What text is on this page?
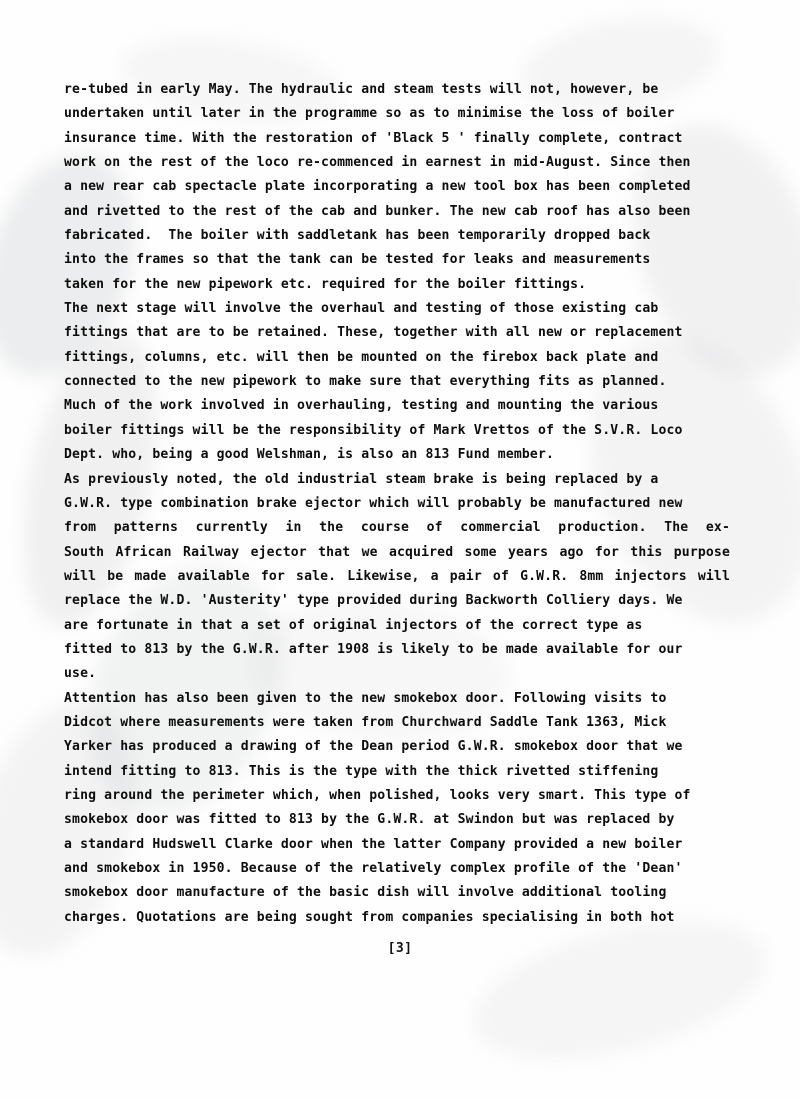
re-tubed in early May. The hydraulic and steam tests will not, however, be
undertaken until later in the programme so as to minimise the loss of boiler
insurance time. With the restoration of 'Black 5 ' finally complete, contract
work on the rest of the loco re-commenced in earnest in mid-August. Since then
a new rear cab spectacle plate incorporating a new tool box has been completed
and rivetted to the rest of the cab and bunker. The new cab roof has also been
fabricated.  The boiler with saddletank has been temporarily dropped back
into the frames so that the tank can be tested for leaks and measurements
taken for the new pipework etc. required for the boiler fittings.
The next stage will involve the overhaul and testing of those existing cab
fittings that are to be retained. These, together with all new or replacement
fittings, columns, etc. will then be mounted on the firebox back plate and
connected to the new pipework to make sure that everything fits as planned.
Much of the work involved in overhauling, testing and mounting the various
boiler fittings will be the responsibility of Mark Vrettos of the S.V.R. Loco
Dept. who, being a good Welshman, is also an 813 Fund member.
As previously noted, the old industrial steam brake is being replaced by a
G.W.R. type combination brake ejector which will probably be manufactured new
from patterns currently in the course of commercial production. The ex-
South African Railway ejector that we acquired some years ago for this purpose
will be made available for sale. Likewise, a pair of G.W.R. 8mm injectors will
replace the W.D. 'Austerity' type provided during Backworth Colliery days. We
are fortunate in that a set of original injectors of the correct type as
fitted to 813 by the G.W.R. after 1908 is likely to be made available for our
use.
Attention has also been given to the new smokebox door. Following visits to
Didcot where measurements were taken from Churchward Saddle Tank 1363, Mick
Yarker has produced a drawing of the Dean period G.W.R. smokebox door that we
intend fitting to 813. This is the type with the thick rivetted stiffening
ring around the perimeter which, when polished, looks very smart. This type of
smokebox door was fitted to 813 by the G.W.R. at Swindon but was replaced by
a standard Hudswell Clarke door when the latter Company provided a new boiler
and smokebox in 1950. Because of the relatively complex profile of the 'Dean'
smokebox door manufacture of the basic dish will involve additional tooling
charges. Quotations are being sought from companies specialising in both hot
[3]
